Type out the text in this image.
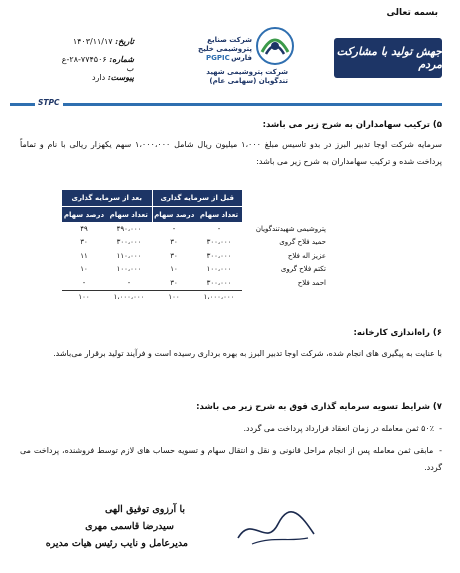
بسمه تعالی
جهش تولید با مشارکت مردم
شرکت صنایع پتروشیمی خلیج فارس
PGPIC
شرکت پتروشیمی شهید تندگویان (سهامی عام)
تاریخ: ۱۴۰۳/۱۱/۱۷
شماره: ۷۷۴۵۰۶-۲۸-ع ب
پیوست: دارد
STPC
۵) ترکیب سهامداران به شرح زیر می باشد:
سرمایه شرکت اوجا تدبیر البرز در بدو تاسیس مبلغ ۱،۰۰۰ میلیون ریال شامل ۱،۰۰۰،۰۰۰ سهم یکهزار ریالی با نام و تماماً پرداخت شده و ترکیب سهامداران به شرح زیر می باشد:
	قبل از سرمایه گذاری		بعد از سرمایه گذاری	
	تعداد سهام	درصد سهام	تعداد سهام	درصد سهام
پتروشیمی شهیدتندگویان	-	-	۴۹۰،۰۰۰	۴۹
حمید فلاح گروی	۳۰۰،۰۰۰	۳۰	۳۰۰،۰۰۰	۳۰
عزیز اله فلاح	۳۰۰،۰۰۰	۳۰	۱۱۰،۰۰۰	۱۱
تکتم فلاح گروی	۱۰۰،۰۰۰	۱۰	۱۰۰،۰۰۰	۱۰
احمد فلاح	۳۰۰،۰۰۰	۳۰	-	-
	۱،۰۰۰،۰۰۰	۱۰۰	۱،۰۰۰،۰۰۰	۱۰۰
۶) راه‌اندازی کارخانه:
با عنایت به پیگیری های انجام شده، شرکت اوجا تدبیر البرز به بهره برداری رسیده است و فرآیند تولید برقرار می‌باشد.
۷) شرایط تسویه سرمایه گذاری فوق به شرح زیر می باشد:
-  ۵۰٪ ثمن معامله در زمان انعقاد قرارداد پرداخت می گردد.
-  مابقی ثمن معامله پس از انجام مراحل قانونی و نقل و انتقال سهام و تسویه حساب های لازم توسط فروشنده، پرداخت می گردد.
با آرزوی توفیق الهی
سیدرضا قاسمی مهری
مدیرعامل و نایب رئیس هیات مدیره
